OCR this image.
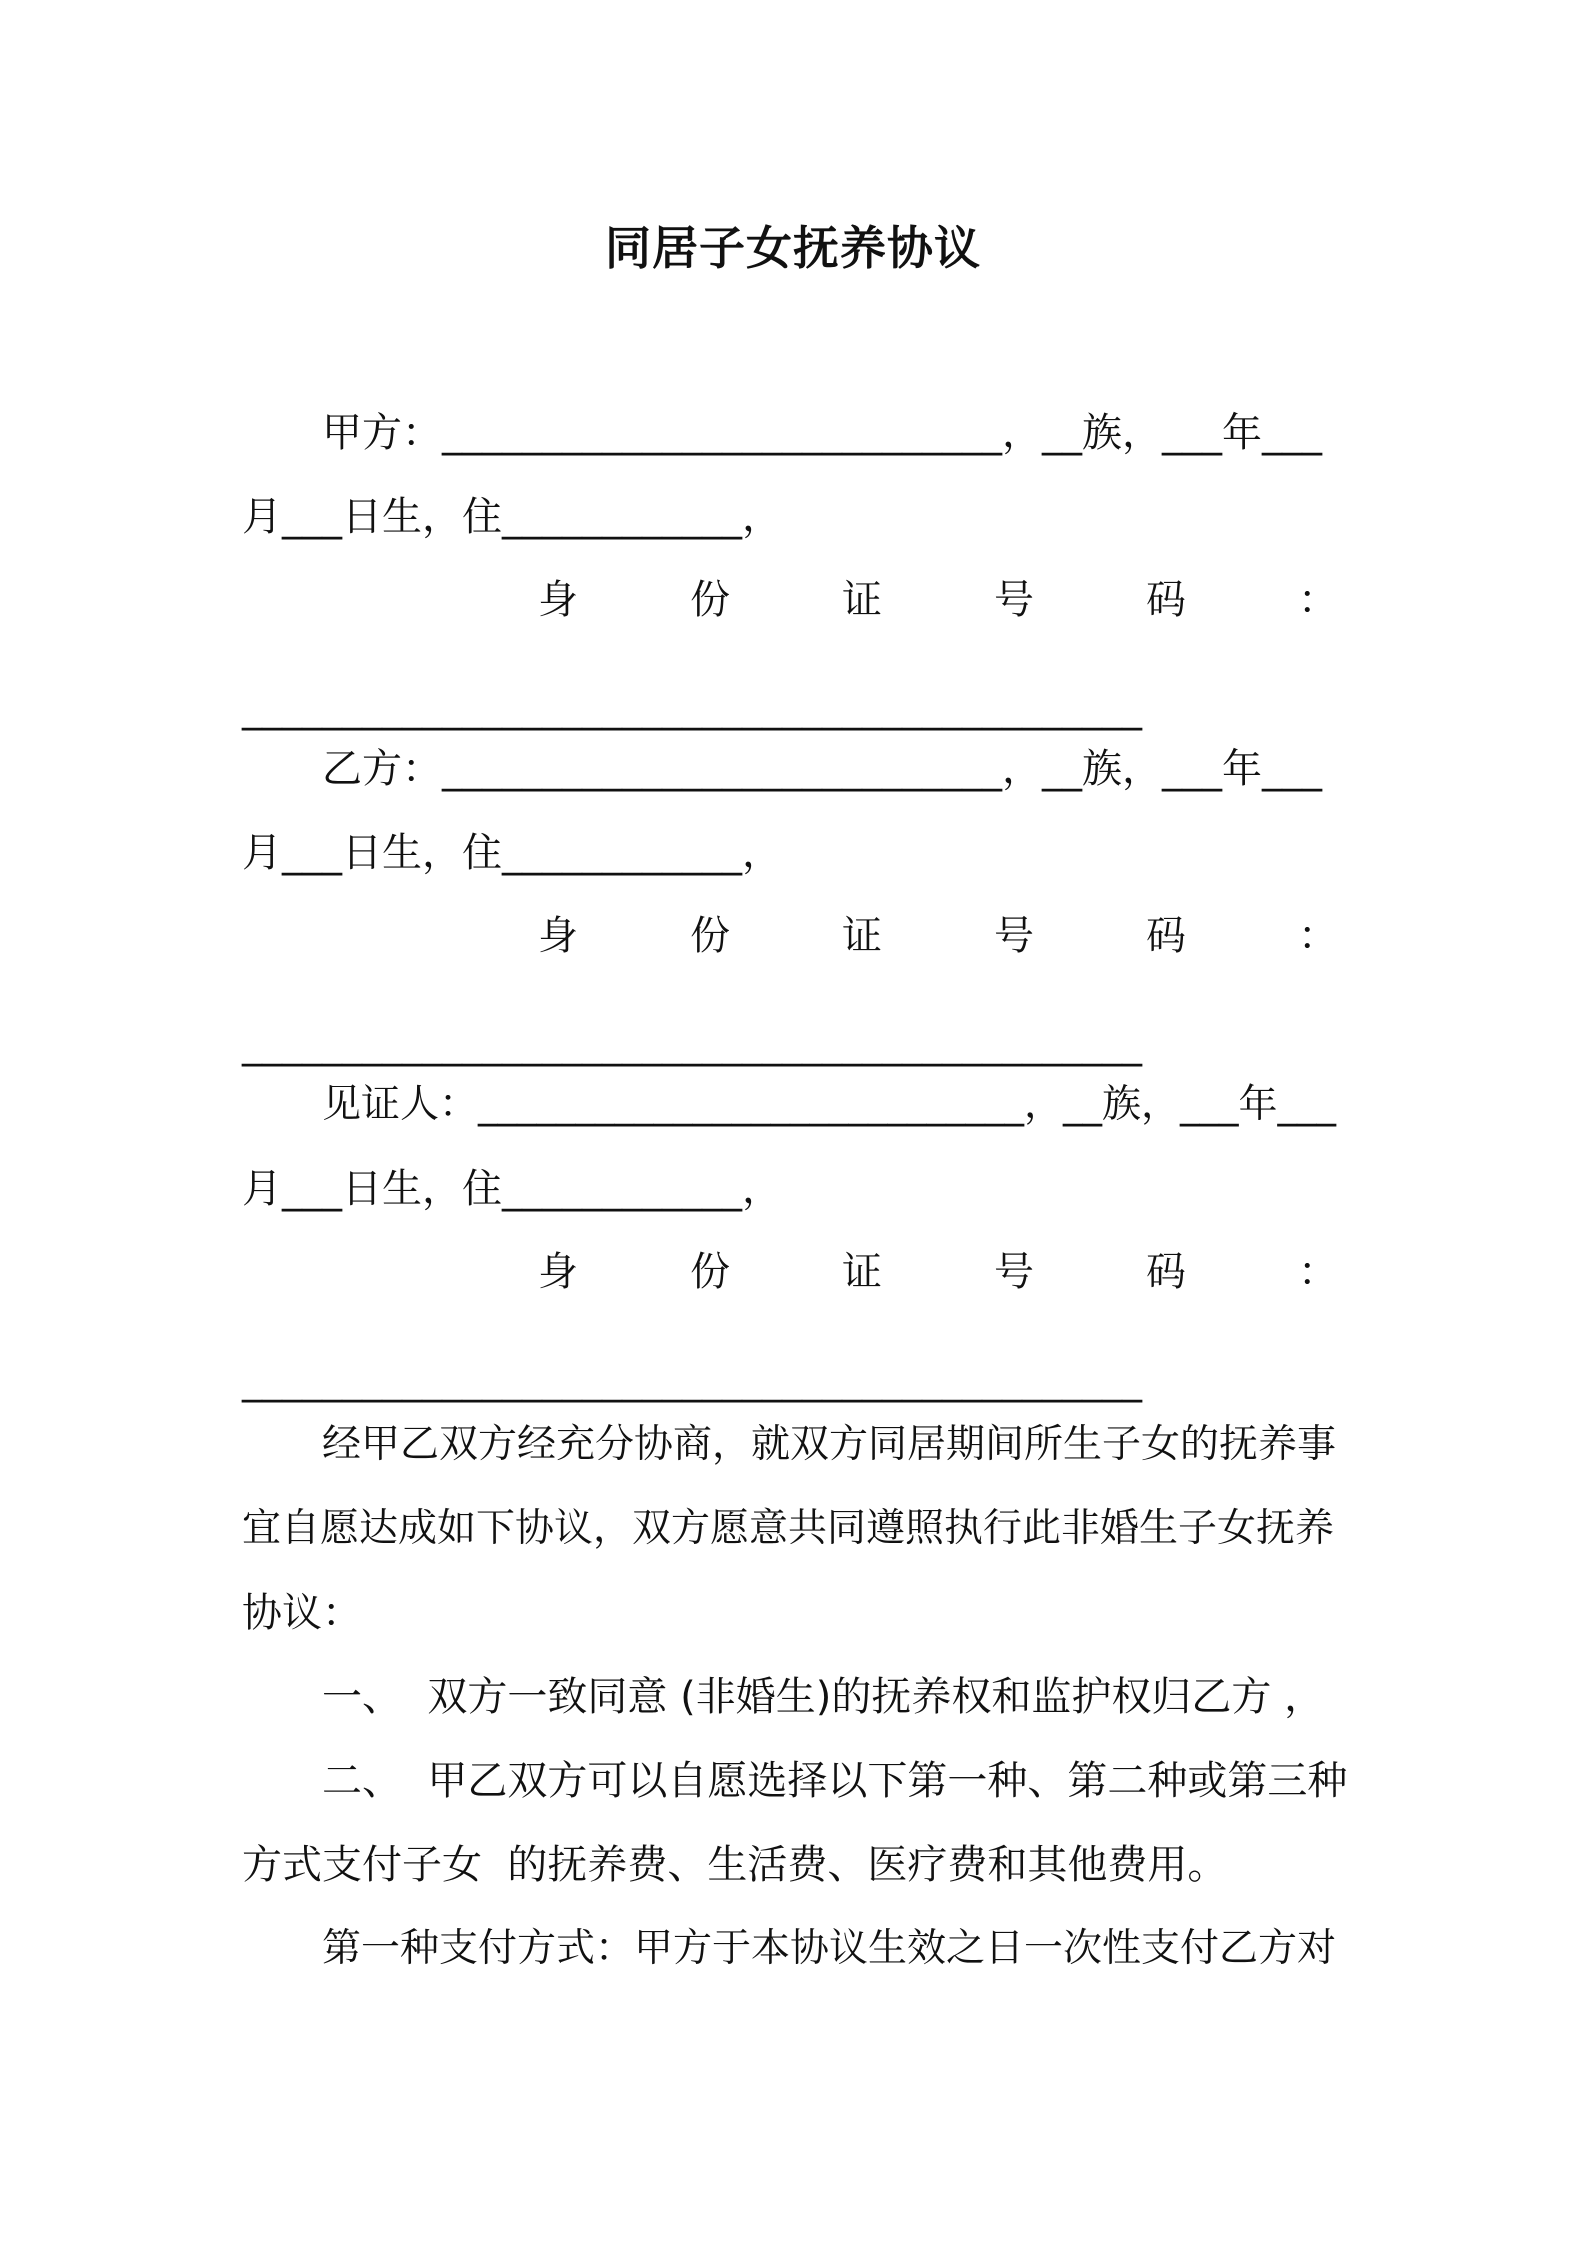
同居子女抚养协议
甲方：____________________________，__族，___年___
月___日生，住____________，
身	份	证	号	码	：
_____________________________________________
乙方：____________________________，__族，___年___
月___日生，住____________，
身	份	证	号	码	：
_____________________________________________
见证人：____________________________，__族，___年___
月___日生，住____________，
身	份	证	号	码	：
_____________________________________________
经甲乙双方经充分协商，就双方同居期间所生子女的抚养事
宜自愿达成如下协议，双方愿意共同遵照执行此非婚生子女抚养
协议：
一、  双方一致同意 (非婚生)的抚养权和监护权归乙方 ，
二、  甲乙双方可以自愿选择以下第一种、第二种或第三种
方式支付子女  的抚养费、生活费、医疗费和其他费用。
第一种支付方式：甲方于本协议生效之日一次性支付乙方对
